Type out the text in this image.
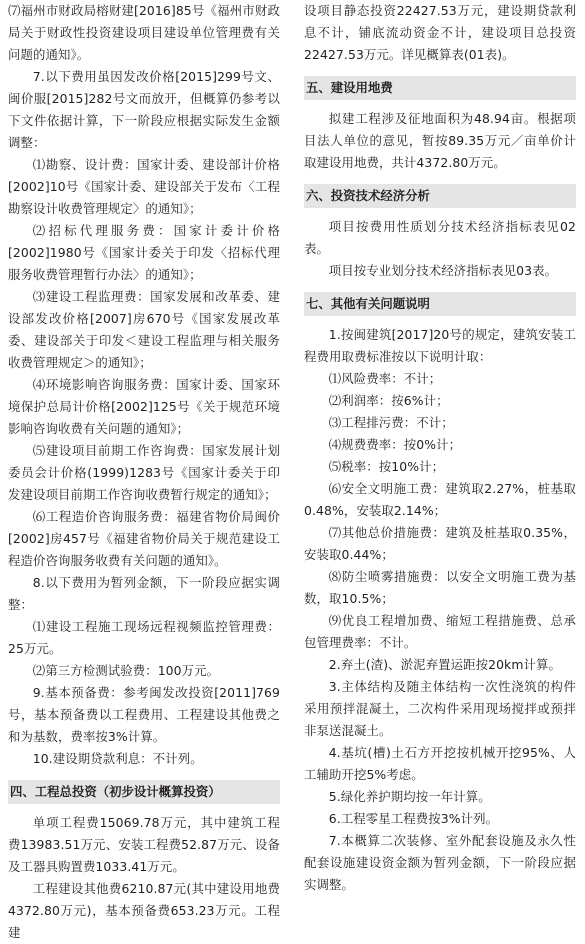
⑺福州市财政局榕财建[2016]85号《福州市财政局关于财政性投资建设项目建设单位管理费有关问题的通知》。

7.以下费用虽因发改价格[2015]299号文、闽价服[2015]282号文而放开，但概算仍参考以下文件依据计算，下一阶段应根据实际发生金额调整：

⑴勘察、设计费：国家计委、建设部计价格[2002]10号《国家计委、建设部关于发布〈工程勘察设计收费管理规定〉的通知》；

⑵招标代理服务费：国家计委计价格[2002]1980号《国家计委关于印发〈招标代理服务收费管理暂行办法〉的通知》；

⑶建设工程监理费：国家发展和改革委、建设部发改价格[2007]房670号《国家发展改革委、建设部关于印发＜建设工程监理与相关服务收费管理规定＞的通知》；

⑷环境影响咨询服务费：国家计委、国家环境保护总局计价格[2002]125号《关于规范环境影响咨询收费有关问题的通知》；

⑸建设项目前期工作咨询费：国家发展计划委员会计价格(1999)1283号《国家计委关于印发建设项目前期工作咨询收费暂行规定的通知》；

⑹工程造价咨询服务费：福建省物价局闽价[2002]房457号《福建省物价局关于规范建设工程造价咨询服务收费有关问题的通知》。

8.以下费用为暂列金额，下一阶段应据实调整：

⑴建设工程施工现场远程视频监控管理费：25万元。

⑵第三方检测试验费：100万元。

9.基本预备费：参考闽发改投资[2011]769号，基本预备费以工程费用、工程建设其他费之和为基数，费率按3%计算。

10.建设期贷款利息：不计列。

四、工程总投资（初步设计概算投资）

单项工程费15069.78万元，其中建筑工程费13983.51万元、安装工程费52.87万元、设备及工器具购置费1033.41万元。

工程建设其他费6210.87元(其中建设用地费4372.80万元)，基本预备费653.23万元。工程建

设项目静态投资22427.53万元，建设期贷款利息不计，铺底流动资金不计，建设项目总投资22427.53万元。详见概算表(01表)。

五、建设用地费

拟建工程涉及征地面积为48.94亩。根据项目法人单位的意见，暂按89.35万元／亩单价计取建设用地费，共计4372.80万元。

六、投资技术经济分析

项目按费用性质划分技术经济指标表见02表。

项目按专业划分技术经济指标表见03表。

七、其他有关问题说明

1.按闽建筑[2017]20号的规定，建筑安装工程费用取费标准按以下说明计取：

⑴风险费率：不计；

⑵利润率：按6%计；

⑶工程排污费：不计；

⑷规费费率：按0%计；

⑸税率：按10%计；

⑹安全文明施工费：建筑取2.27%，桩基取0.48%，安装取2.14%；

⑺其他总价措施费：建筑及桩基取0.35%，安装取0.44%；

⑻防尘喷雾措施费：以安全文明施工费为基数，取10.5%；

⑼优良工程增加费、缩短工程措施费、总承包管理费率：不计。

2.弃土(渣)、淤泥弃置运距按20km计算。

3.主体结构及随主体结构一次性浇筑的构件采用预拌混凝土，二次构件采用现场搅拌或预拌非泵送混凝土。

4.基坑(槽)土石方开挖按机械开挖95%、人工辅助开挖5%考虑。

5.绿化养护期均按一年计算。

6.工程零星工程费按3%计列。

7.本概算二次装修、室外配套设施及永久性配套设施建设资金额为暂列金额，下一阶段应据实调整。
